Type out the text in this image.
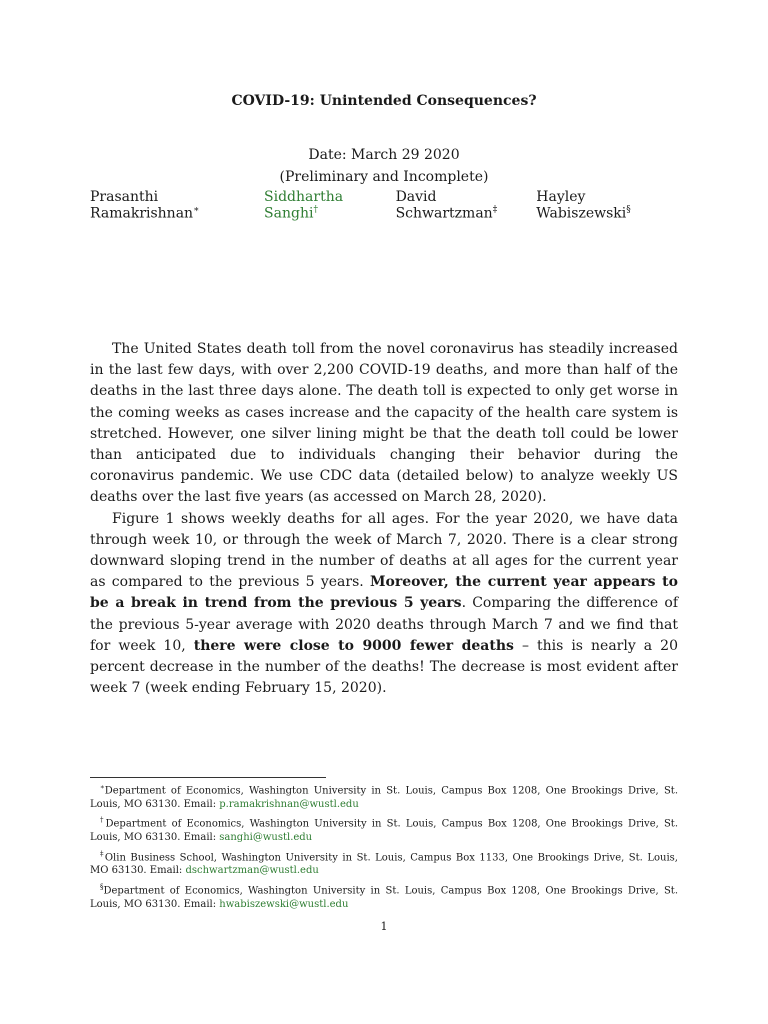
COVID-19: Unintended Consequences?
Date: March 29 2020
(Preliminary and Incomplete)
Prasanthi Ramakrishnan∗
Siddhartha Sanghi†
David Schwartzman‡
Hayley Wabiszewski§

The United States death toll from the novel coronavirus has steadily increased in the last few days, with over 2,200 COVID-19 deaths, and more than half of the deaths in the last three days alone. The death toll is expected to only get worse in the coming weeks as cases increase and the capacity of the health care system is stretched. However, one silver lining might be that the death toll could be lower than anticipated due to individuals changing their behavior during the coronavirus pandemic. We use CDC data (detailed below) to analyze weekly US deaths over the last five years (as accessed on March 28, 2020).

Figure 1 shows weekly deaths for all ages. For the year 2020, we have data through week 10, or through the week of March 7, 2020. There is a clear strong downward sloping trend in the number of deaths at all ages for the current year as compared to the previous 5 years. Moreover, the current year appears to be a break in trend from the previous 5 years. Comparing the difference of the previous 5-year average with 2020 deaths through March 7 and we find that for week 10, there were close to 9000 fewer deaths – this is nearly a 20 percent decrease in the number of the deaths! The decrease is most evident after week 7 (week ending February 15, 2020).

∗Department of Economics, Washington University in St. Louis, Campus Box 1208, One Brookings Drive, St. Louis, MO 63130. Email: p.ramakrishnan@wustl.edu

†Department of Economics, Washington University in St. Louis, Campus Box 1208, One Brookings Drive, St. Louis, MO 63130. Email: sanghi@wustl.edu

‡Olin Business School, Washington University in St. Louis, Campus Box 1133, One Brookings Drive, St. Louis, MO 63130. Email: dschwartzman@wustl.edu

§Department of Economics, Washington University in St. Louis, Campus Box 1208, One Brookings Drive, St. Louis, MO 63130. Email: hwabiszewski@wustl.edu

1
